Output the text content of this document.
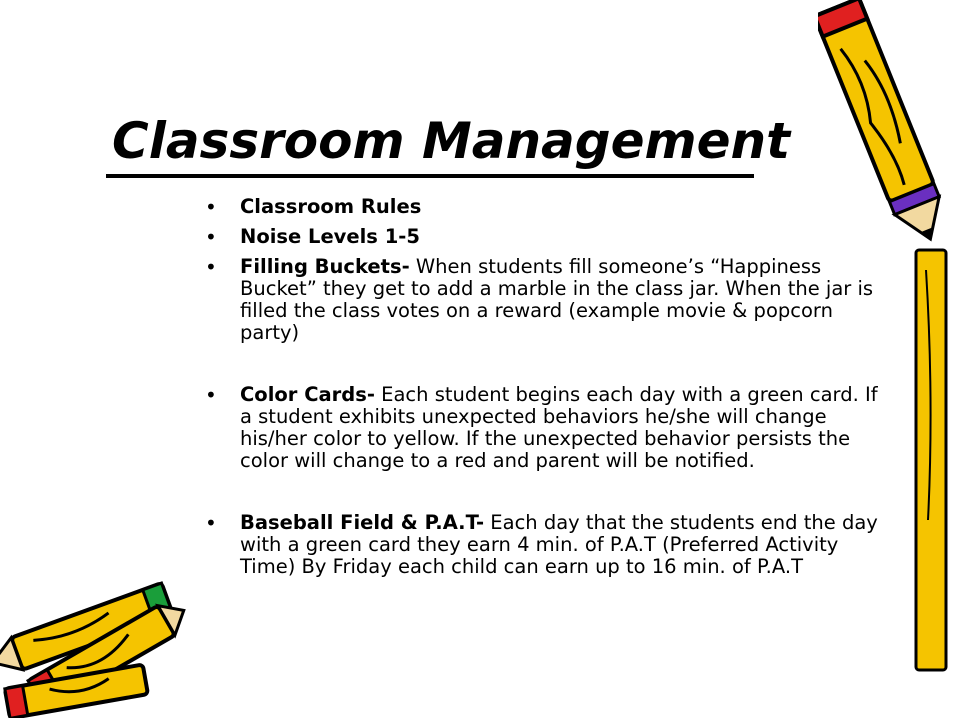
Classroom Management
• Classroom Rules
• Noise Levels 1-5
• Filling Buckets- When students fill someone’s “Happiness Bucket” they get to add a marble in the class jar. When the jar is filled the class votes on a reward (example movie & popcorn party)
• Color Cards- Each student begins each day with a green card. If a student exhibits unexpected behaviors he/she will change his/her color to yellow. If the unexpected behavior persists the color will change to a red and parent will be notified.
• Baseball Field & P.A.T- Each day that the students end the day with a green card they earn 4 min. of P.A.T (Preferred Activity Time) By Friday each child can earn up to 16 min. of P.A.T
